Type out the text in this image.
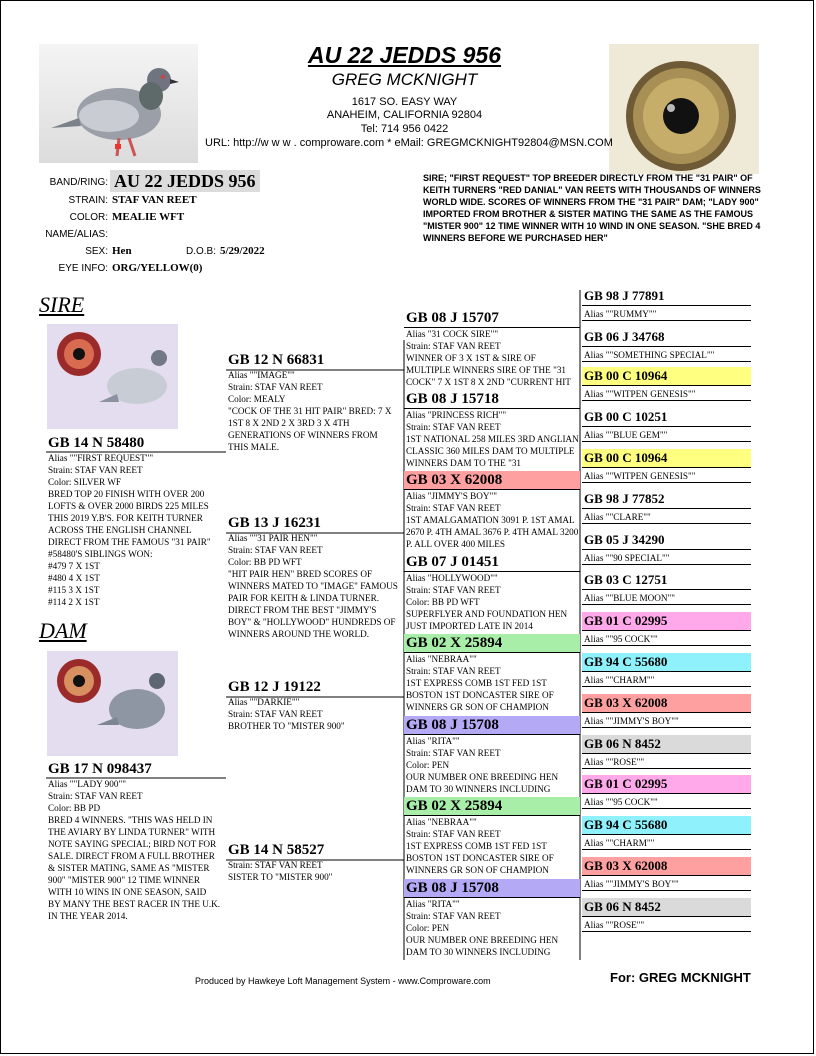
AU 22 JEDDS 956
GREG MCKNIGHT
1617 SO. EASY WAY
ANAHEIM, CALIFORNIA 92804
Tel: 714 956 0422
URL: http://w w w . comproware.com * eMail: GREGMCKNIGHT92804@MSN.COM
BAND/RING: AU 22 JEDDS 956
STRAIN: STAF VAN REET
COLOR: MEALIE WFT
NAME/ALIAS:
SEX: Hen	D.O.B: 5/29/2022
EYE INFO: ORG/YELLOW(0)
SIRE; "FIRST REQUEST" TOP BREEDER DIRECTLY FROM THE "31 PAIR" OF KEITH TURNERS "RED DANIAL" VAN REETS WITH THOUSANDS OF WINNERS WORLD WIDE. SCORES OF WINNERS FROM THE "31 PAIR" DAM; "LADY 900" IMPORTED FROM BROTHER & SISTER MATING THE SAME AS THE FAMOUS "MISTER 900" 12 TIME WINNER WITH 10 WIND IN ONE SEASON. "SHE BRED 4 WINNERS BEFORE WE PURCHASED HER"
SIRE
DAM
GB 14 N 58480
Alias ""FIRST REQUEST""
Strain: STAF VAN REET
Color: SILVER WF
BRED TOP 20 FINISH WITH OVER 200 LOFTS & OVER 2000 BIRDS 225 MILES THIS 2019 Y.B'S. FOR KEITH TURNER ACROSS THE ENGLISH CHANNEL DIRECT FROM THE FAMOUS "31 PAIR" #58480'S SIBLINGS WON:
#479 7 X 1ST
#480 4 X 1ST
#115 3 X 1ST
#114 2 X 1ST
GB 17 N 098437
Alias ""LADY 900""
Strain: STAF VAN REET
Color: BB PD
BRED 4 WINNERS. "THIS WAS HELD IN THE AVIARY BY LINDA TURNER" WITH NOTE SAYING SPECIAL; BIRD NOT FOR SALE. DIRECT FROM A FULL BROTHER & SISTER MATING, SAME AS "MISTER 900" "MISTER 900" 12 TIME WINNER WITH 10 WINS IN ONE SEASON, SAID BY MANY THE BEST RACER IN THE U.K. IN THE YEAR 2014.
GB 12 N 66831
Alias ""IMAGE""
Strain: STAF VAN REET
Color: MEALY
"COCK OF THE 31 HIT PAIR" BRED: 7 X 1ST 8 X 2ND 2 X 3RD 3 X 4TH GENERATIONS OF WINNERS FROM THIS MALE.
GB 13 J 16231
Alias ""31 PAIR HEN""
Strain: STAF VAN REET
Color: BB PD WFT
"HIT PAIR HEN" BRED SCORES OF WINNERS MATED TO "IMAGE" FAMOUS PAIR FOR KEITH & LINDA TURNER. DIRECT FROM THE BEST "JIMMY'S BOY" & "HOLLYWOOD" HUNDREDS OF WINNERS AROUND THE WORLD.
GB 12 J 19122
Alias ""DARKIE""
Strain: STAF VAN REET
BROTHER TO "MISTER 900"
GB 14 N 58527
Strain: STAF VAN REET
SISTER TO "MISTER 900"
GB 08 J 15707
Alias "31 COCK SIRE""
Strain: STAF VAN REET
WINNER OF 3 X 1ST & SIRE OF MULTIPLE WINNERS SIRE OF THE "31 COCK" 7 X 1ST 8 X 2ND "CURRENT HIT
GB 08 J 15718
Alias "PRINCESS RICH""
Strain: STAF VAN REET
1ST NATIONAL 258 MILES 3RD ANGLIAN CLASSIC 360 MILES DAM TO MULTIPLE WINNERS DAM TO THE "31
GB 03 X 62008
Alias "JIMMY'S BOY""
Strain: STAF VAN REET
1ST AMALGAMATION 3091 P. 1ST AMAL 2670 P. 4TH AMAL 3676 P. 4TH AMAL 3200 P. ALL OVER 400 MILES
GB 07 J 01451
Alias "HOLLYWOOD""
Strain: STAF VAN REET
Color: BB PD WFT
SUPERFLYER AND FOUNDATION HEN JUST IMPORTED LATE IN 2014
GB 02 X 25894
Alias "NEBRAA""
Strain: STAF VAN REET
1ST EXPRESS COMB 1ST FED 1ST BOSTON 1ST DONCASTER SIRE OF WINNERS GR SON OF CHAMPION
GB 08 J 15708
Alias "RITA""
Strain: STAF VAN REET
Color: PEN
OUR NUMBER ONE BREEDING HEN DAM TO 30 WINNERS INCLUDING
GB 02 X 25894
Alias "NEBRAA""
Strain: STAF VAN REET
1ST EXPRESS COMB 1ST FED 1ST BOSTON 1ST DONCASTER SIRE OF WINNERS GR SON OF CHAMPION
GB 08 J 15708
Alias "RITA""
Strain: STAF VAN REET
Color: PEN
OUR NUMBER ONE BREEDING HEN DAM TO 30 WINNERS INCLUDING
GB 98 J 77891
Alias ""RUMMY""
GB 06 J 34768
Alias ""SOMETHING SPECIAL""
GB 00 C 10964
Alias ""WITPEN GENESIS""
GB 00 C 10251
Alias ""BLUE GEM""
GB 00 C 10964
Alias ""WITPEN GENESIS""
GB 98 J 77852
Alias ""CLARE""
GB 05 J 34290
Alias ""90 SPECIAL""
GB 03 C 12751
Alias ""BLUE MOON""
GB 01 C 02995
Alias ""95 COCK""
GB 94 C 55680
Alias ""CHARM""
GB 03 X 62008
Alias ""JIMMY'S BOY""
GB 06 N 8452
Alias ""ROSE""
GB 01 C 02995
Alias ""95 COCK""
GB 94 C 55680
Alias ""CHARM""
GB 03 X 62008
Alias ""JIMMY'S BOY""
GB 06 N 8452
Alias ""ROSE""
Produced by Hawkeye Loft Management System - www.Comproware.com	For: GREG MCKNIGHT
